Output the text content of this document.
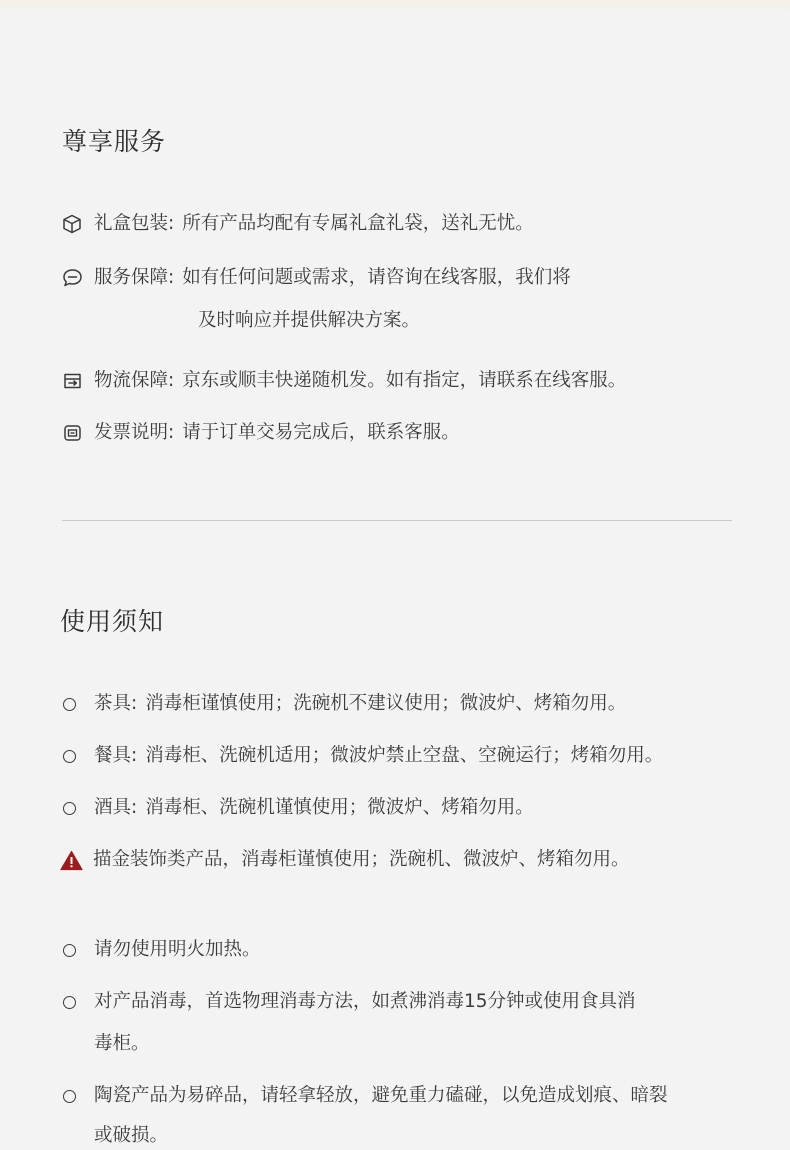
尊享服务
礼盒包装: 所有产品均配有专属礼盒礼袋，送礼无忧。
服务保障: 如有任何问题或需求，请咨询在线客服，我们将
及时响应并提供解决方案。
物流保障: 京东或顺丰快递随机发。如有指定，请联系在线客服。
发票说明: 请于订单交易完成后，联系客服。
使用须知
茶具: 消毒柜谨慎使用；洗碗机不建议使用；微波炉、烤箱勿用。
餐具: 消毒柜、洗碗机适用；微波炉禁止空盘、空碗运行；烤箱勿用。
酒具: 消毒柜、洗碗机谨慎使用；微波炉、烤箱勿用。
描金装饰类产品，消毒柜谨慎使用；洗碗机、微波炉、烤箱勿用。
请勿使用明火加热。
对产品消毒，首选物理消毒方法，如煮沸消毒15分钟或使用食具消
毒柜。
陶瓷产品为易碎品，请轻拿轻放，避免重力磕碰，以免造成划痕、暗裂
或破损。
